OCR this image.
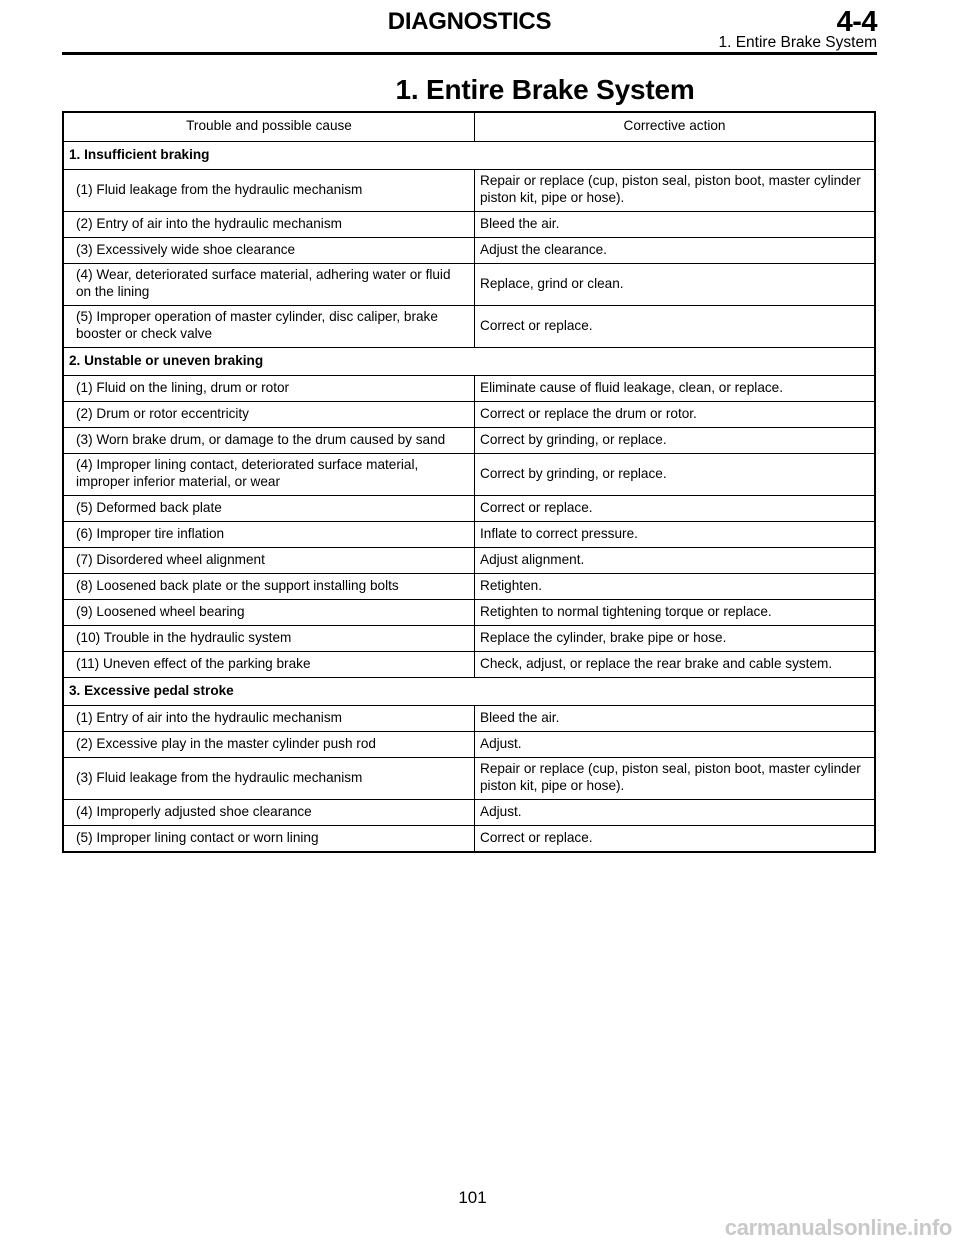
DIAGNOSTICS	4-4
1. Entire Brake System
1. Entire Brake System
Trouble and possible cause	Corrective action
1. Insufficient braking	
(1) Fluid leakage from the hydraulic mechanism	Repair or replace (cup, piston seal, piston boot, master cylinder piston kit, pipe or hose).
(2) Entry of air into the hydraulic mechanism	Bleed the air.
(3) Excessively wide shoe clearance	Adjust the clearance.
(4) Wear, deteriorated surface material, adhering water or fluid on the lining	Replace, grind or clean.
(5) Improper operation of master cylinder, disc caliper, brake booster or check valve	Correct or replace.
2. Unstable or uneven braking	
(1) Fluid on the lining, drum or rotor	Eliminate cause of fluid leakage, clean, or replace.
(2) Drum or rotor eccentricity	Correct or replace the drum or rotor.
(3) Worn brake drum, or damage to the drum caused by sand	Correct by grinding, or replace.
(4) Improper lining contact, deteriorated surface material, improper inferior material, or wear	Correct by grinding, or replace.
(5) Deformed back plate	Correct or replace.
(6) Improper tire inflation	Inflate to correct pressure.
(7) Disordered wheel alignment	Adjust alignment.
(8) Loosened back plate or the support installing bolts	Retighten.
(9) Loosened wheel bearing	Retighten to normal tightening torque or replace.
(10) Trouble in the hydraulic system	Replace the cylinder, brake pipe or hose.
(11) Uneven effect of the parking brake	Check, adjust, or replace the rear brake and cable system.
3. Excessive pedal stroke	
(1) Entry of air into the hydraulic mechanism	Bleed the air.
(2) Excessive play in the master cylinder push rod	Adjust.
(3) Fluid leakage from the hydraulic mechanism	Repair or replace (cup, piston seal, piston boot, master cylinder piston kit, pipe or hose).
(4) Improperly adjusted shoe clearance	Adjust.
(5) Improper lining contact or worn lining	Correct or replace.
101
carmanualsonline.info
